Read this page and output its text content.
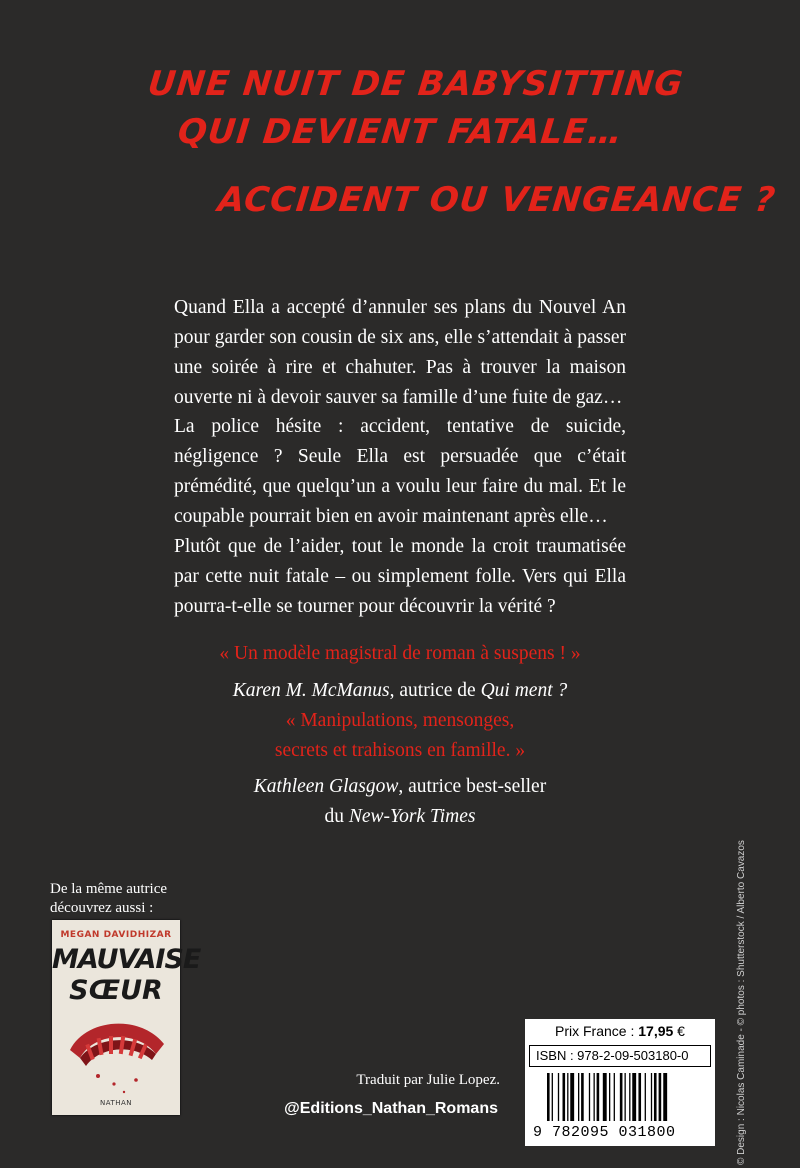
UNE NUIT DE BABYSITTING
QUI DEVIENT FATALE…
ACCIDENT OU VENGEANCE ?

Quand Ella a accepté d’annuler ses plans du Nouvel An pour garder son cousin de six ans, elle s’attendait à passer une soirée à rire et chahuter. Pas à trouver la maison ouverte ni à devoir sauver sa famille d’une fuite de gaz…

La police hésite : accident, tentative de suicide, négligence ? Seule Ella est persuadée que c’était prémédité, que quelqu’un a voulu leur faire du mal. Et le coupable pourrait bien en avoir maintenant après elle…

Plutôt que de l’aider, tout le monde la croit traumatisée par cette nuit fatale – ou simplement folle. Vers qui Ella pourra-t-elle se tourner pour découvrir la vérité ?

« Un modèle magistral de roman à suspens ! »
Karen M. McManus, autrice de Qui ment ?
« Manipulations, mensonges,
secrets et trahisons en famille. »
Kathleen Glasgow, autrice best-seller
du New-York Times
© Design : Nicolas Caminade - © photos : Shutterstock / Alberto Cavazos
De la même autrice
découvrez aussi :
MEGAN DAVIDHIZAR
MAUVAISE
SŒUR
NATHAN
Prix France : 17,95 €
ISBN : 978-2-09-503180-0
9 782095 031800
Traduit par Julie Lopez.
@Editions_Nathan_Romans
